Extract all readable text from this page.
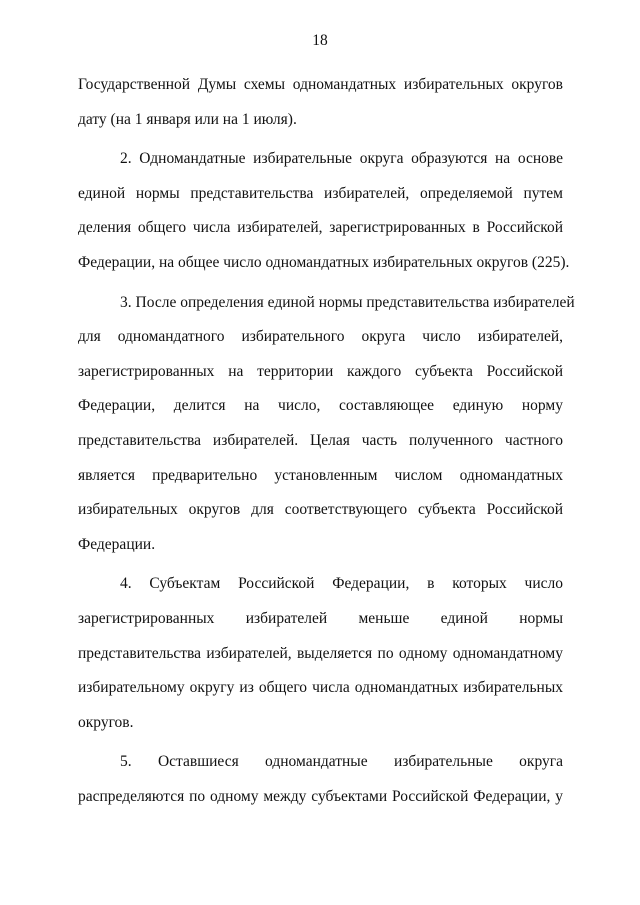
18
Государственной Думы схемы одномандатных избирательных округов
дату (на 1 января или на 1 июля).
2. Одномандатные избирательные округа образуются на основе
единой нормы представительства избирателей, определяемой путем
деления общего числа избирателей, зарегистрированных в Российской
Федерации, на общее число одномандатных избирательных округов (225).
3. После определения единой нормы представительства избирателей
для одномандатного избирательного округа число избирателей,
зарегистрированных на территории каждого субъекта Российской
Федерации, делится на число, составляющее единую норму
представительства избирателей. Целая часть полученного частного
является предварительно установленным числом одномандатных
избирательных округов для соответствующего субъекта Российской
Федерации.
4. Субъектам Российской Федерации, в которых число
зарегистрированных избирателей меньше единой нормы
представительства избирателей, выделяется по одному одномандатному
избирательному округу из общего числа одномандатных избирательных
округов.
5. Оставшиеся одномандатные избирательные округа
распределяются по одному между субъектами Российской Федерации, у
